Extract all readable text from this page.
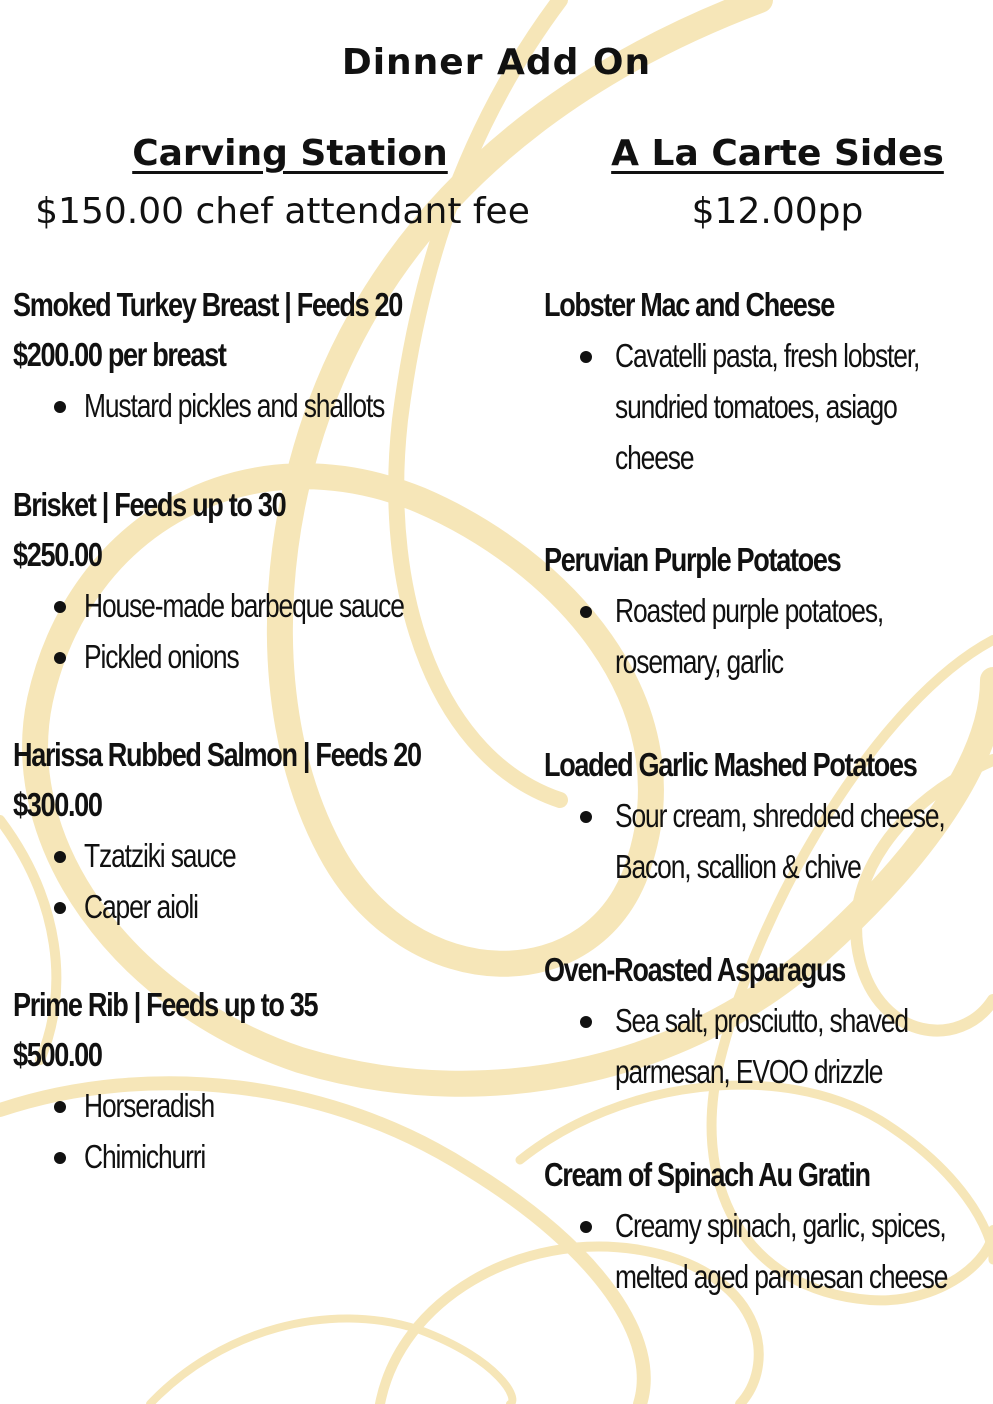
Dinner Add On
Carving Station
$150.00 chef attendant fee
A La Carte Sides
$12.00pp
Smoked Turkey Breast | Feeds 20
$200.00 per breast
Mustard pickles and shallots
Brisket | Feeds up to 30
$250.00
House-made barbeque sauce
Pickled onions
Harissa Rubbed Salmon | Feeds 20
$300.00
Tzatziki sauce
Caper aioli
Prime Rib | Feeds up to 35
$500.00
Horseradish
Chimichurri
Lobster Mac and Cheese
Cavatelli pasta, fresh lobster,
sundried tomatoes, asiago
cheese
Peruvian Purple Potatoes
Roasted purple potatoes,
rosemary, garlic
Loaded Garlic Mashed Potatoes
Sour cream, shredded cheese,
Bacon, scallion & chive
Oven-Roasted Asparagus
Sea salt, prosciutto, shaved
parmesan, EVOO drizzle
Cream of Spinach Au Gratin
Creamy spinach, garlic, spices,
melted aged parmesan cheese
